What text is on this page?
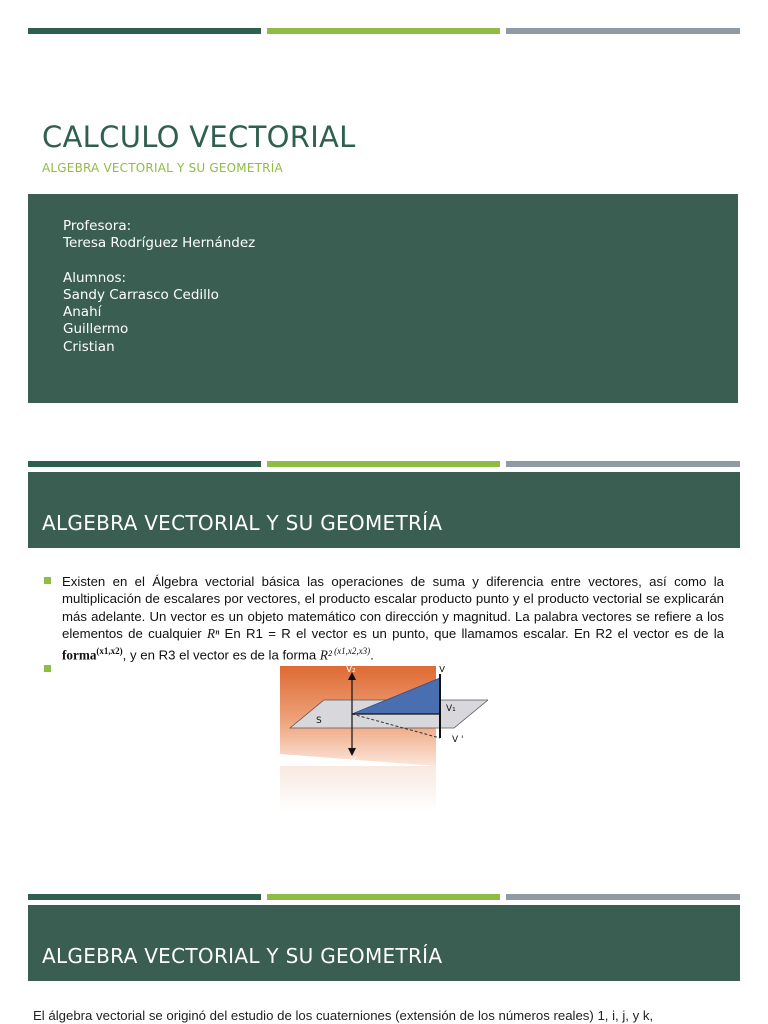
CALCULO VECTORIAL
ALGEBRA VECTORIAL Y SU GEOMETRÍA
Profesora:
Teresa Rodríguez Hernández
Alumnos:
Sandy Carrasco Cedillo
Anahí
Guillermo
Cristian
ALGEBRA VECTORIAL Y SU GEOMETRÍA

Existen en el Álgebra vectorial básica las operaciones de suma y diferencia entre vectores, así como la multiplicación de escalares por vectores, el producto escalar producto punto y el producto vectorial se explicarán más adelante. Un vector es un objeto matemático con dirección y magnitud. La palabra vectores se refiere a los elementos de cualquier Rⁿ En R1 = R el vector es un punto, que llamamos escalar. En R2 el vector es de la forma$^{(x1,x2)}$, y en R3 el vector es de la forma R² $^{(x1,x2,x3)}$.

V₂	V
V₁
S
−V₂
V '
ALGEBRA VECTORIAL Y SU GEOMETRÍA

El álgebra vectorial se originó del estudio de los cuaterniones (extensión de los números reales) 1, i, j, y k,
